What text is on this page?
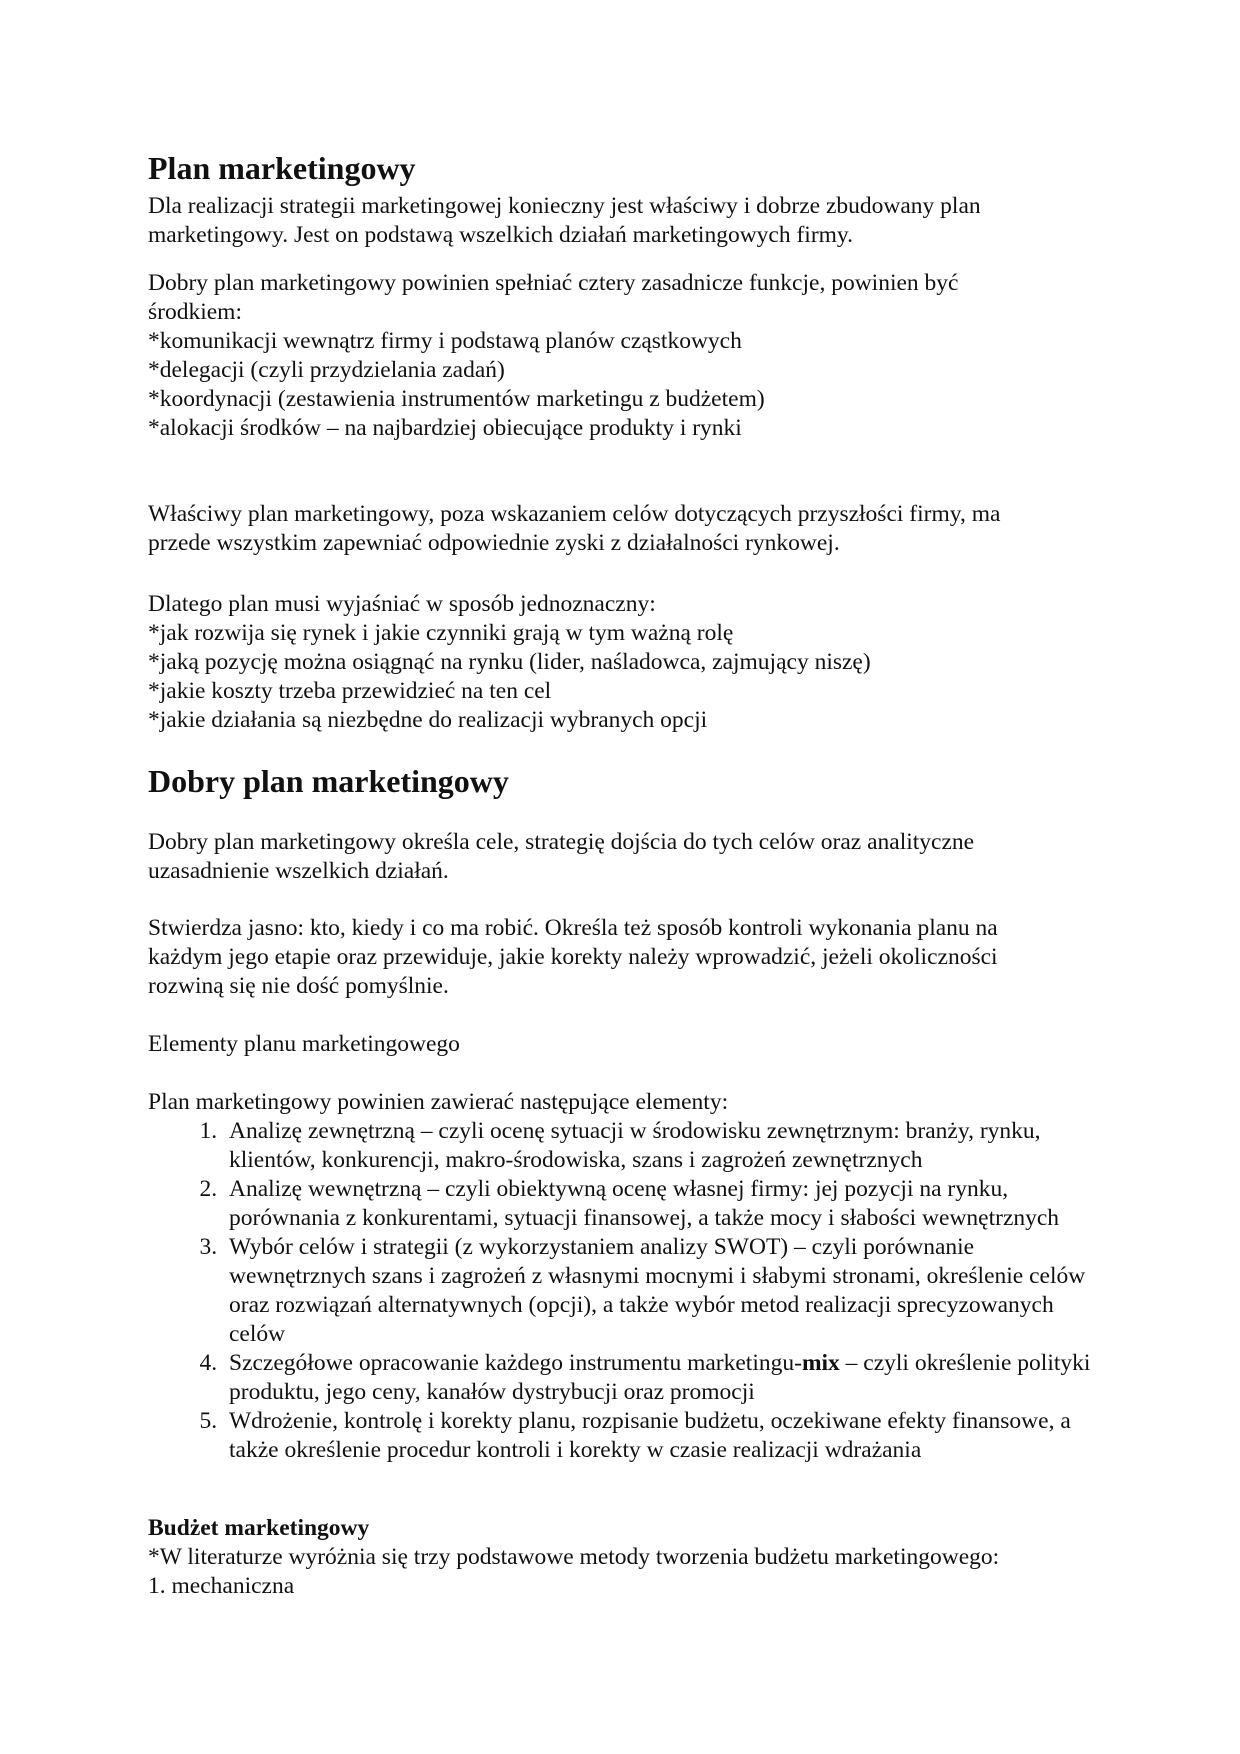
Plan marketingowy

Dla realizacji strategii marketingowej konieczny jest właściwy i dobrze zbudowany plan

marketingowy. Jest on podstawą wszelkich działań marketingowych firmy.

Dobry plan marketingowy powinien spełniać cztery zasadnicze funkcje, powinien być

środkiem:

*komunikacji wewnątrz firmy i podstawą planów cząstkowych

*delegacji (czyli przydzielania zadań)

*koordynacji (zestawienia instrumentów marketingu z budżetem)

*alokacji środków – na najbardziej obiecujące produkty i rynki

Właściwy plan marketingowy, poza wskazaniem celów dotyczących przyszłości firmy, ma

przede wszystkim zapewniać odpowiednie zyski z działalności rynkowej.

Dlatego plan musi wyjaśniać w sposób jednoznaczny:

*jak rozwija się rynek i jakie czynniki grają w tym ważną rolę

*jaką pozycję można osiągnąć na rynku (lider, naśladowca, zajmujący niszę)

*jakie koszty trzeba przewidzieć na ten cel

*jakie działania są niezbędne do realizacji wybranych opcji

Dobry plan marketingowy

Dobry plan marketingowy określa cele, strategię dojścia do tych celów oraz analityczne

uzasadnienie wszelkich działań.

Stwierdza jasno: kto, kiedy i co ma robić. Określa też sposób kontroli wykonania planu na

każdym jego etapie oraz przewiduje, jakie korekty należy wprowadzić, jeżeli okoliczności

rozwiną się nie dość pomyślnie.

Elementy planu marketingowego

Plan marketingowy powinien zawierać następujące elementy:

1. Analizę zewnętrzną – czyli ocenę sytuacji w środowisku zewnętrznym: branży, rynku, klientów, konkurencji, makro-środowiska, szans i zagrożeń zewnętrznych
2. Analizę wewnętrzną – czyli obiektywną ocenę własnej firmy: jej pozycji na rynku, porównania z konkurentami, sytuacji finansowej, a także mocy i słabości wewnętrznych
3. Wybór celów i strategii (z wykorzystaniem analizy SWOT) – czyli porównanie wewnętrznych szans i zagrożeń z własnymi mocnymi i słabymi stronami, określenie celów oraz rozwiązań alternatywnych (opcji), a także wybór metod realizacji sprecyzowanych celów
4. Szczegółowe opracowanie każdego instrumentu marketingu-mix – czyli określenie polityki produktu, jego ceny, kanałów dystrybucji oraz promocji
5. Wdrożenie, kontrolę i korekty planu, rozpisanie budżetu, oczekiwane efekty finansowe, a także określenie procedur kontroli i korekty w czasie realizacji wdrażania

Budżet marketingowy

*W literaturze wyróżnia się trzy podstawowe metody tworzenia budżetu marketingowego:

1. mechaniczna
